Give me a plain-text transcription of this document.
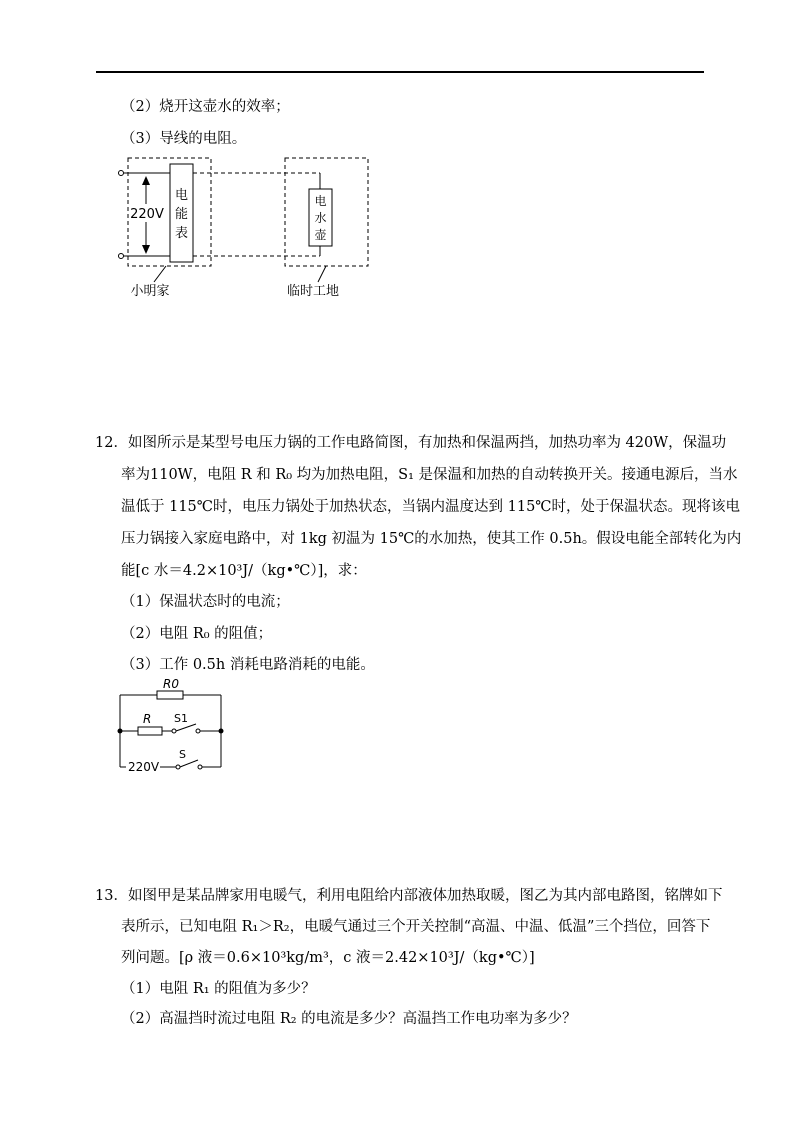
（2）烧开这壶水的效率；
（3）导线的电阻。
220V
电
能
表
电
水
壶
小明家	临时工地
12．如图所示是某型号电压力锅的工作电路简图，有加热和保温两挡，加热功率为 420W，保温功
率为110W，电阻 R 和 R₀ 均为加热电阻，S₁ 是保温和加热的自动转换开关。接通电源后，当水
温低于 115℃时，电压力锅处于加热状态，当锅内温度达到 115℃时，处于保温状态。现将该电
压力锅接入家庭电路中，对 1kg 初温为 15℃的水加热，使其工作 0.5h。假设电能全部转化为内
能[c 水＝4.2×10³J/（kg•℃）]，求：
（1）保温状态时的电流；
（2）电阻 R₀ 的阻值；
（3）工作 0.5h 消耗电路消耗的电能。
R0
R S1
220V
S
13．如图甲是某品牌家用电暖气，利用电阻给内部液体加热取暖，图乙为其内部电路图，铭牌如下
表所示，已知电阻 R₁＞R₂，电暖气通过三个开关控制“高温、中温、低温”三个挡位，回答下
列问题。[ρ 液＝0.6×10³kg/m³，c 液＝2.42×10³J/（kg•℃）]
（1）电阻 R₁ 的阻值为多少？
（2）高温挡时流过电阻 R₂ 的电流是多少？高温挡工作电功率为多少？
